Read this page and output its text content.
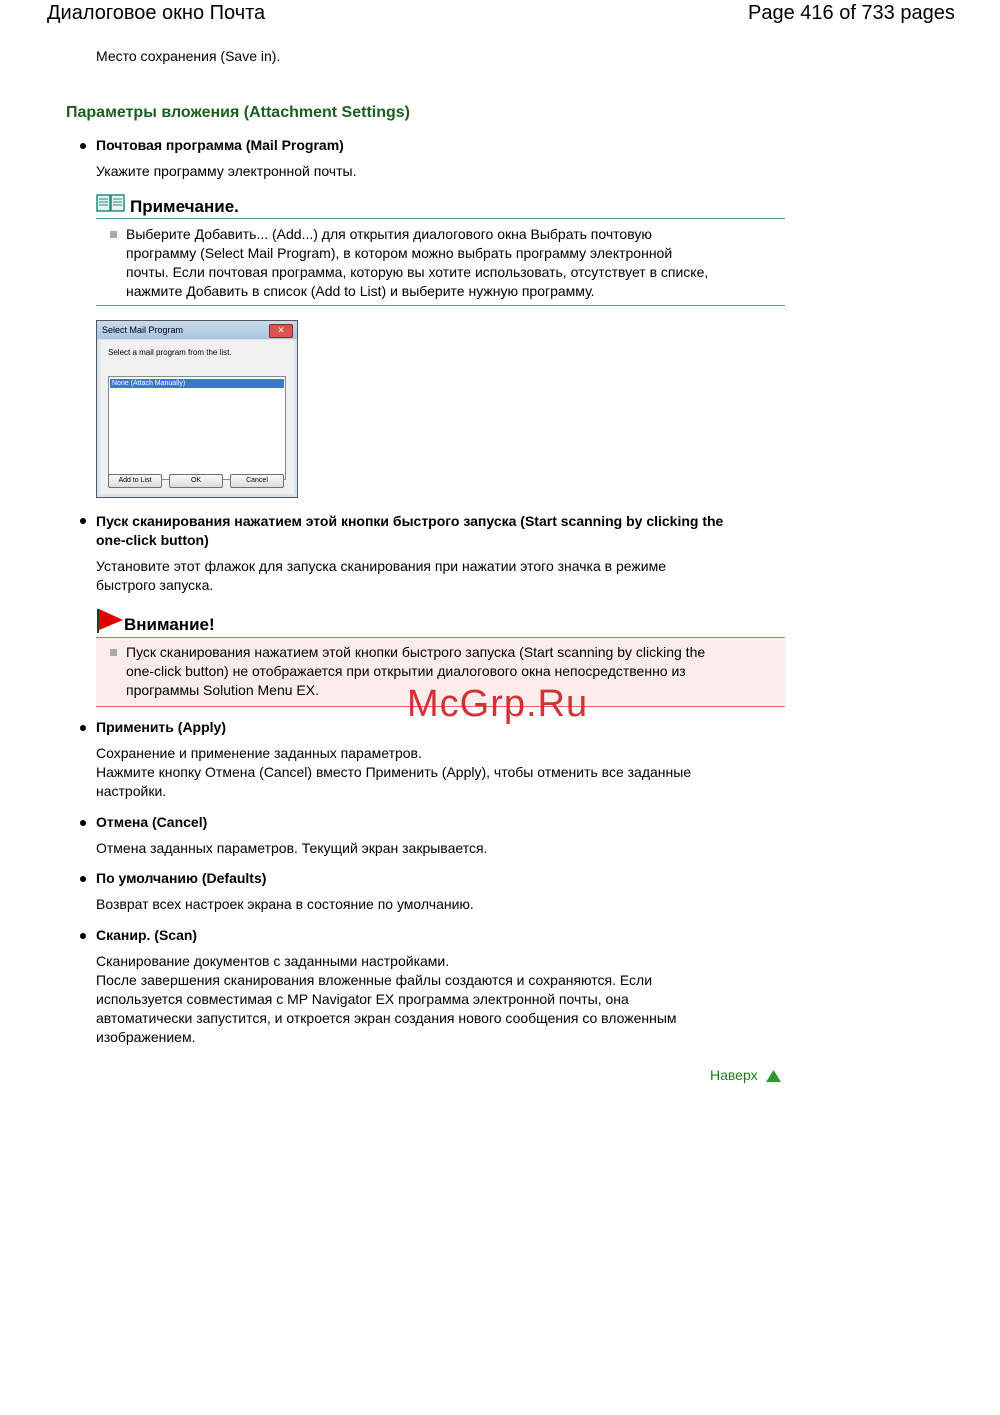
Диалоговое окно Почта	Page 416 of 733 pages
Место сохранения (Save in).
Параметры вложения (Attachment Settings)
Почтовая программа (Mail Program)
Укажите программу электронной почты.
Примечание.
Выберите Добавить... (Add...) для открытия диалогового окна Выбрать почтовую
программу (Select Mail Program), в котором можно выбрать программу электронной
почты. Если почтовая программа, которую вы хотите использовать, отсутствует в списке,
нажмите Добавить в список (Add to List) и выберите нужную программу.
Select Mail Program	✕
Select a mail program from the list.
None (Attach Manually)
Add to List	OK	Cancel
Пуск сканирования нажатием этой кнопки быстрого запуска (Start scanning by clicking the
one-click button)
Установите этот флажок для запуска сканирования при нажатии этого значка в режиме
быстрого запуска.
Внимание!
Пуск сканирования нажатием этой кнопки быстрого запуска (Start scanning by clicking the
one-click button) не отображается при открытии диалогового окна непосредственно из
программы Solution Menu EX.
Применить (Apply)
Сохранение и применение заданных параметров.
Нажмите кнопку Отмена (Cancel) вместо Применить (Apply), чтобы отменить все заданные
настройки.
Отмена (Cancel)
Отмена заданных параметров. Текущий экран закрывается.
По умолчанию (Defaults)
Возврат всех настроек экрана в состояние по умолчанию.
Сканир. (Scan)
Сканирование документов с заданными настройками.
После завершения сканирования вложенные файлы создаются и сохраняются. Если
используется совместимая с MP Navigator EX программа электронной почты, она
автоматически запустится, и откроется экран создания нового сообщения со вложенным
изображением.
Наверх
McGrp.Ru
